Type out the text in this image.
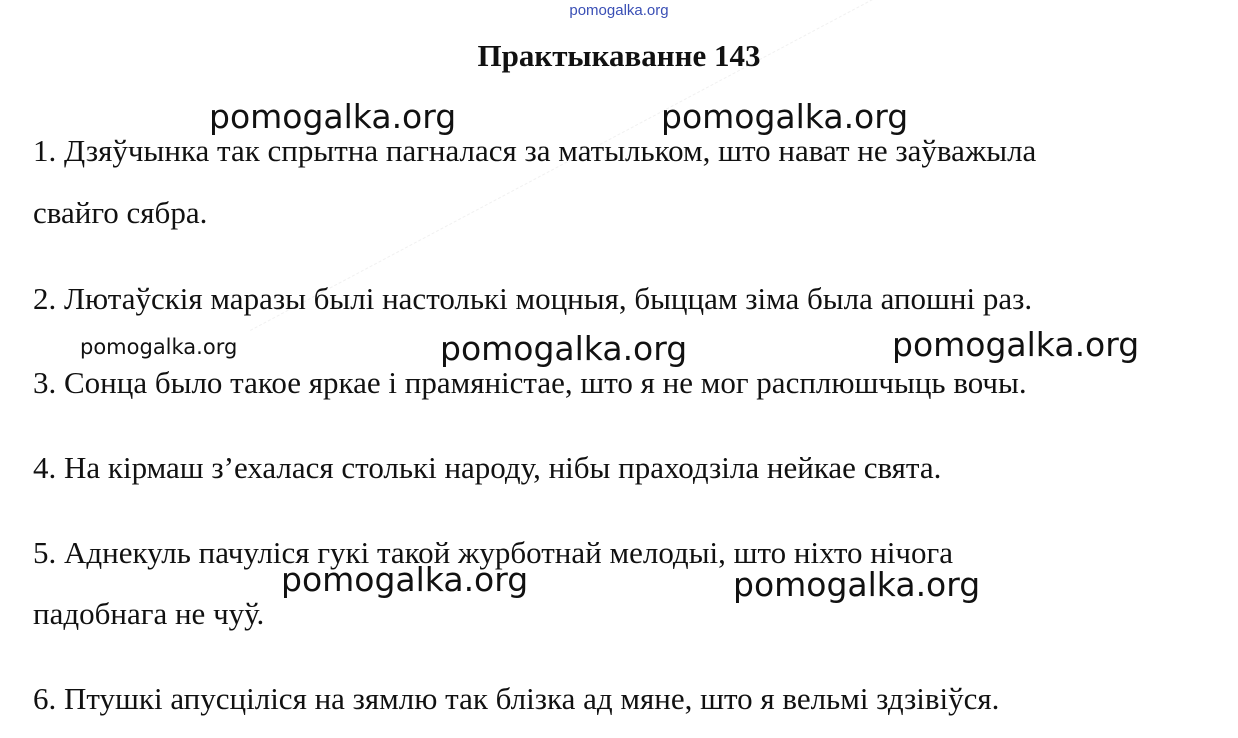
pomogalka.org
Практыкаванне 143
1. Дзяўчынка так спрытна пагналася за матыльком, што нават не заўважыла
свайго сябра.
2. Лютаўскія маразы былі настолькі моцныя, быццам зіма была апошні раз.
3. Сонца было такое яркае і прамяністае, што я не мог расплюшчыць вочы.
4. На кірмаш з’ехалася столькі народу, нібы праходзіла нейкае свята.
5. Аднекуль пачуліся гукі такой журботнай мелодыі, што ніхто нічога
падобнага не чуў.
6. Птушкі апусціліся на зямлю так блізка ад мяне, што я вельмі здзівіўся.
pomogalka.org	pomogalka.org
pomogalka.org	pomogalka.org	pomogalka.org
pomogalka.org	pomogalka.org
